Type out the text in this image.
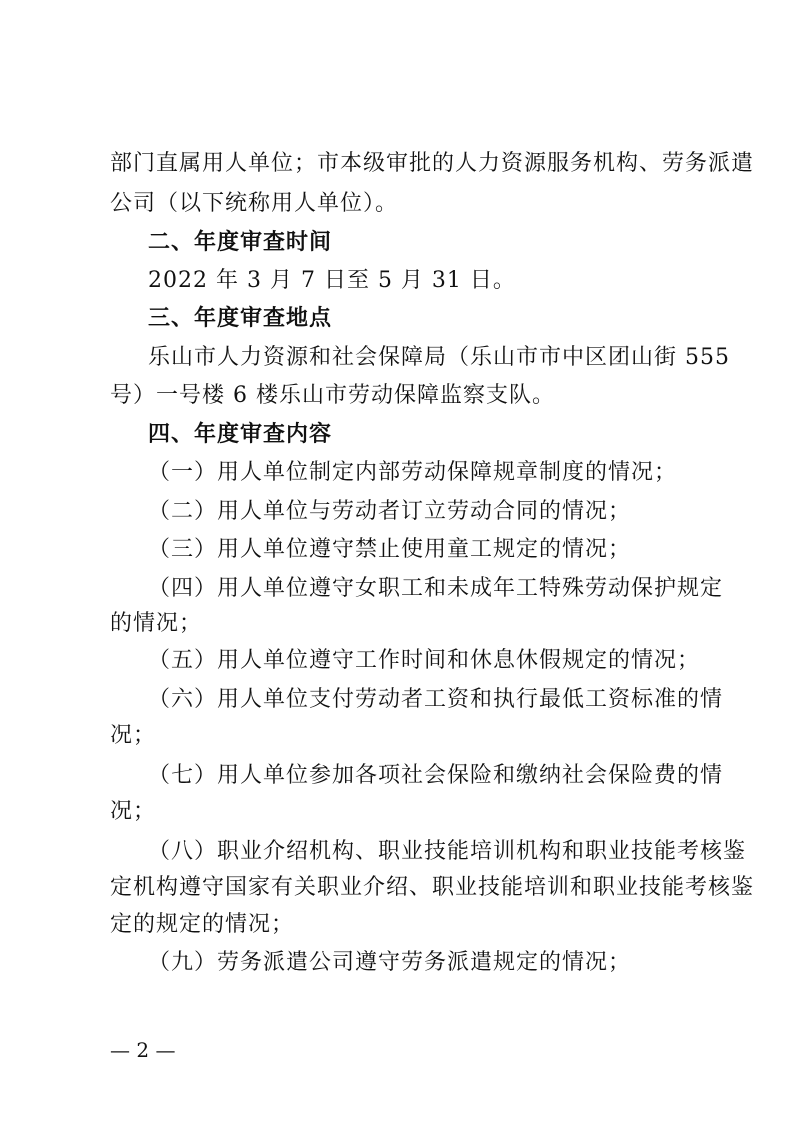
部门直属用人单位；市本级审批的人力资源服务机构、劳务派遣

公司（以下统称用人单位）。

二、年度审查时间

2022 年 3 月 7 日至 5 月 31 日。

三、年度审查地点

乐山市人力资源和社会保障局（乐山市市中区团山街 555

号）一号楼 6 楼乐山市劳动保障监察支队。

四、年度审查内容

（一）用人单位制定内部劳动保障规章制度的情况；

（二）用人单位与劳动者订立劳动合同的情况；

（三）用人单位遵守禁止使用童工规定的情况；

（四）用人单位遵守女职工和未成年工特殊劳动保护规定

的情况；

（五）用人单位遵守工作时间和休息休假规定的情况；

（六）用人单位支付劳动者工资和执行最低工资标准的情

况；

（七）用人单位参加各项社会保险和缴纳社会保险费的情

况；

（八）职业介绍机构、职业技能培训机构和职业技能考核鉴

定机构遵守国家有关职业介绍、职业技能培训和职业技能考核鉴

定的规定的情况；

（九）劳务派遣公司遵守劳务派遣规定的情况；

— 2 —
